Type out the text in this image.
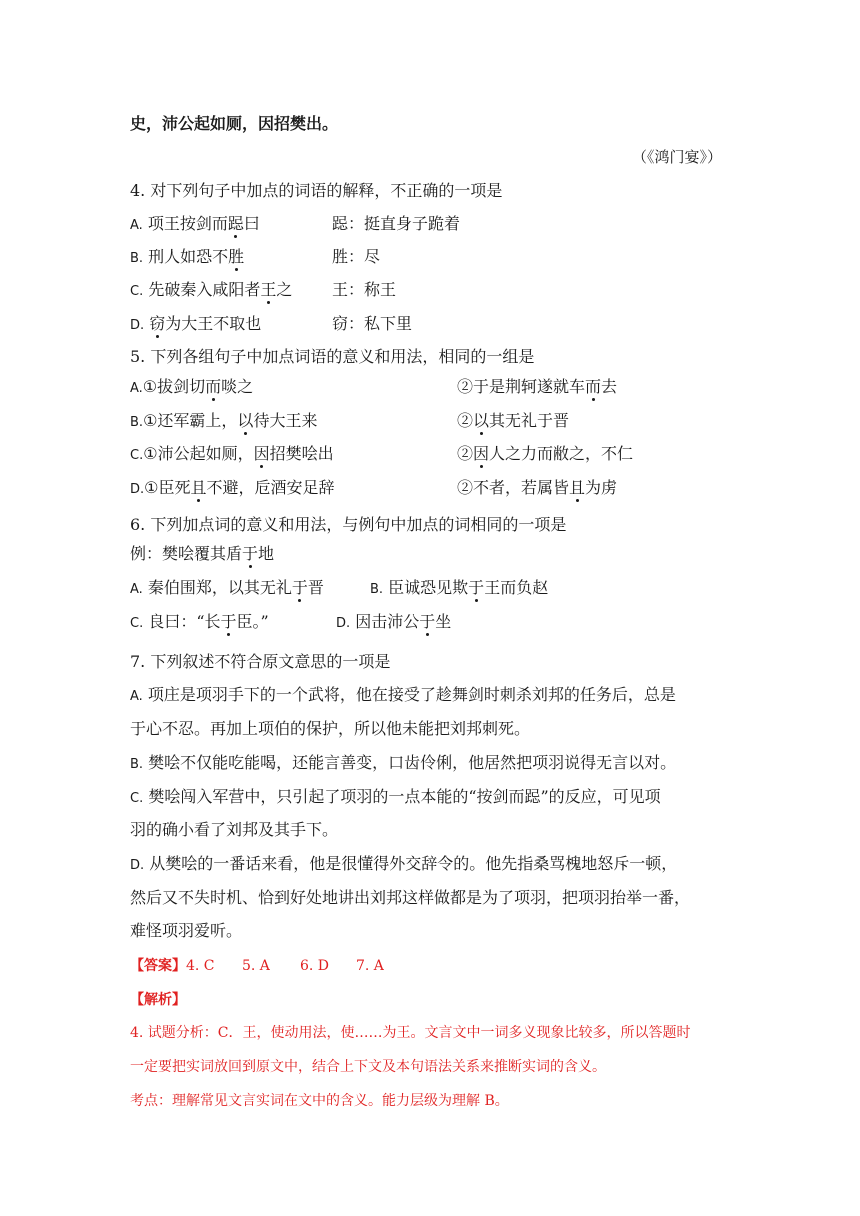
史，沛公起如厕，因招樊出。
（《鸿门宴》）
4. 对下列句子中加点的词语的解释，不正确的一项是
A. 项王按剑而跽曰	跽：挺直身子跪着
B. 刑人如恐不胜	胜：尽
C. 先破秦入咸阳者王之 王：称王
D. 窃为大王不取也	窃：私下里
5. 下列各组句子中加点词语的意义和用法，相同的一组是
A.①拔剑切而啖之	②于是荆轲遂就车而去
B.①还军霸上，以待大王来	②以其无礼于晋
C.①沛公起如厕，因招樊哙出	②因人之力而敝之，不仁
D.①臣死且不避，卮酒安足辞	②不者，若属皆且为虏
6. 下列加点词的意义和用法，与例句中加点的词相同的一项是
例：樊哙覆其盾于地
A. 秦伯围郑，以其无礼于晋	B. 臣诚恐见欺于王而负赵
C. 良曰：“长于臣。”	D. 因击沛公于坐
7. 下列叙述不符合原文意思的一项是
A. 项庄是项羽手下的一个武将，他在接受了趁舞剑时刺杀刘邦的任务后，总是
于心不忍。再加上项伯的保护，所以他未能把刘邦刺死。
B. 樊哙不仅能吃能喝，还能言善变，口齿伶俐，他居然把项羽说得无言以对。
C. 樊哙闯入军营中，只引起了项羽的一点本能的“按剑而跽”的反应，可见项
羽的确小看了刘邦及其手下。
D. 从樊哙的一番话来看，他是很懂得外交辞令的。他先指桑骂槐地怒斥一顿，
然后又不失时机、恰到好处地讲出刘邦这样做都是为了项羽，把项羽抬举一番，
难怪项羽爱听。
【答案】4. C 5. A 6. D 7. A
【解析】
4. 试题分析：C．王，使动用法，使……为王。文言文中一词多义现象比较多，所以答题时
一定要把实词放回到原文中，结合上下文及本句语法关系来推断实词的含义。
考点：理解常见文言实词在文中的含义。能力层级为理解 B。
